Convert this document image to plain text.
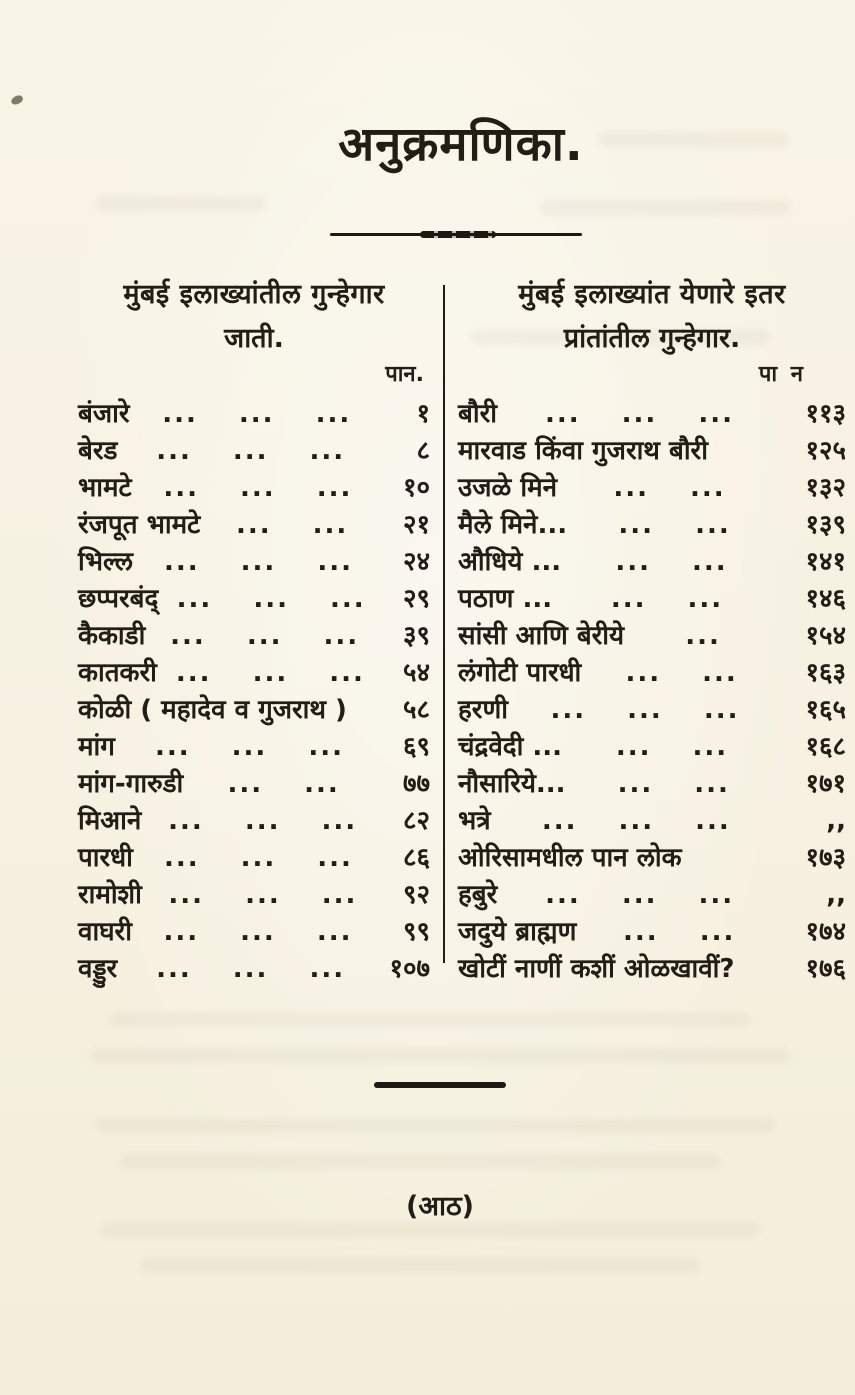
अनुक्रमणिका.
मुंबई इलाख्यांतील गुन्हेगार
जाती.
पान.
बंजारे	... ... ...	१
बेरड	... ... ...	८
भामटे	... ... ...	१०
रंजपूत भामटे	... ...	२१
भिल्ल	... ... ...	२४
छप्परबंद् ... ... ...	२९
कैकाडी ... ... ...	३९
कातकरी ... ... ...	५४
कोळी ( महादेव व गुजराथ )	५८
मांग	... ... ...	६९
मांग-गारुडी	... ...	७७
मिआने	... ... ...	८२
पारधी	... ... ...	८६
रामोशी	... ... ...	९२
वाघरी	... ... ...	९९
वड्डुर	... ... ...	१०७
मुंबई इलाख्यांत येणारे इतर
प्रांतांतील गुन्हेगार.
पा न
बौरी	... ... ...	११३
मारवाड किंवा गुजराथ बौरी	१२५
उजळे मिने	... ...	१३२
मैले मिने...	... ...	१३९
औधिये ...	... ...	१४१
पठाण ...	... ...	१४६
सांसी आणि बेरीये	...	१५४
लंगोटी पारधी	... ...	१६३
हरणी	... ... ...	१६५
चंद्रवेदी ...	... ...	१६८
नौसारिये...	... ...	१७१
भत्रे	... ... ...	,,
ओरिसामधील पान लोक	१७३
हबुरे	... ... ...	,,
जदुये ब्राह्मण	... ...	१७४
खोटीं नाणीं कशीं ओळखावीं?	१७६
(आठ)
